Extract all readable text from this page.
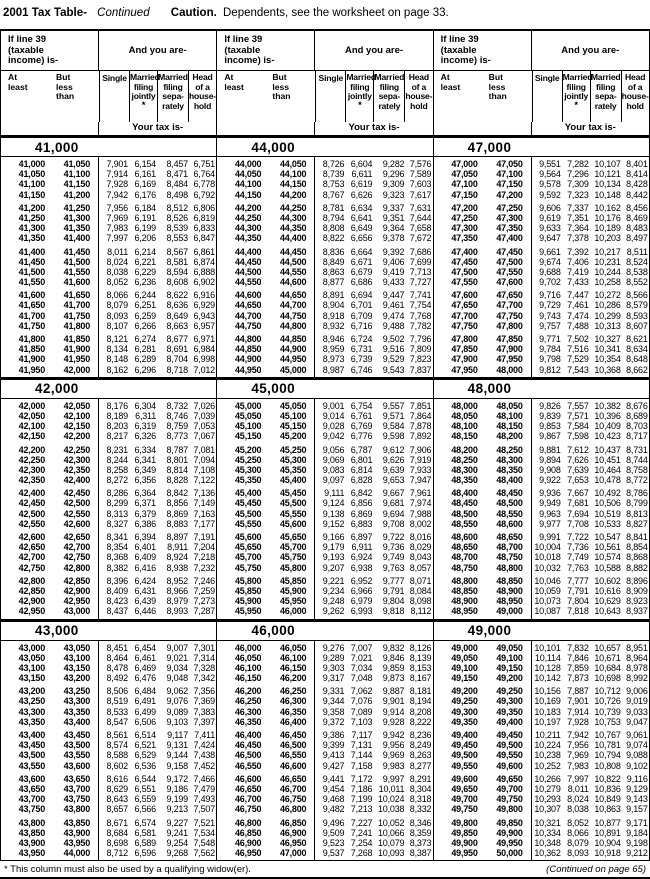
2001 Tax Table- Continued Caution. Dependents, see the worksheet on page 33.
If line 39 (taxable income) is-
And you are-
At least
But less than
Single Married filing jointly
*
Married filing sepa- rately
Head of a house- hold
Your tax is-
41,000
41,000	41,050	7,901 6,154	8,457 6,751
41,050	41,100	7,914 6,161	8,471 6,764
41,100	41,150	7,928 6,169	8,484 6,778
41,150	41,200	7,942 6,176	8,498 6,792
41,200	41,250	7,956 6,184	8,512 6,806
41,250	41,300	7,969 6,191	8,526 6,819
41,300	41,350	7,983 6,199	8,539 6,833
41,350	41,400	7,997 6,206	8,553 6,847
41,400	41,450	8,011 6,214	8,567 6,861
41,450	41,500	8,024 6,221	8,581 6,874
41,500	41,550	8,038 6,229	8,594 6,888
41,550	41,600	8,052 6,236	8,608 6,902
41,600	41,650	8,066 6,244	8,622 6,916
41,650	41,700	8,079 6,251	8,636 6,929
41,700	41,750	8,093 6,259	8,649 6,943
41,750	41,800	8,107 6,266	8,663 6,957
41,800	41,850	8,121 6,274	8,677 6,971
41,850	41,900	8,134 6,281	8,691 6,984
41,900	41,950	8,148 6,289	8,704 6,998
41,950	42,000	8,162 6,296	8,718 7,012
42,000
42,000	42,050	8,176 6,304	8,732 7,026
42,050	42,100	8,189 6,311	8,746 7,039
42,100	42,150	8,203 6,319	8,759 7,053
42,150	42,200	8,217 6,326	8,773 7,067
42,200	42,250	8,231 6,334	8,787 7,081
42,250	42,300	8,244 6,341	8,801 7,094
42,300	42,350	8,258 6,349	8,814 7,108
42,350	42,400	8,272 6,356	8,828 7,122
42,400	42,450	8,286 6,364	8,842 7,136
42,450	42,500	8,299 6,371	8,856 7,149
42,500	42,550	8,313 6,379	8,869 7,163
42,550	42,600	8,327 6,386	8,883 7,177
42,600	42,650	8,341 6,394	8,897 7,191
42,650	42,700	8,354 6,401	8,911 7,204
42,700	42,750	8,368 6,409	8,924 7,218
42,750	42,800	8,382 6,416	8,938 7,232
42,800	42,850	8,396 6,424	8,952 7,246
42,850	42,900	8,409 6,431	8,966 7,259
42,900	42,950	8,423 6,439	8,979 7,273
42,950	43,000	8,437 6,446	8,993 7,287
43,000
43,000	43,050	8,451 6,454	9,007 7,301
43,050	43,100	8,464 6,461	9,021 7,314
43,100	43,150	8,478 6,469	9,034 7,328
43,150	43,200	8,492 6,476	9,048 7,342
43,200	43,250	8,506 6,484	9,062 7,356
43,250	43,300	8,519 6,491	9,076 7,369
43,300	43,350	8,533 6,499	9,089 7,383
43,350	43,400	8,547 6,506	9,103 7,397
43,400	43,450	8,561 6,514	9,117 7,411
43,450	43,500	8,574 6,521	9,131 7,424
43,500	43,550	8,588 6,529	9,144 7,438
43,550	43,600	8,602 6,536	9,158 7,452
43,600	43,650	8,616 6,544	9,172 7,466
43,650	43,700	8,629 6,551	9,186 7,479
43,700	43,750	8,643 6,559	9,199 7,493
43,750	43,800	8,657 6,566	9,213 7,507
43,800	43,850	8,671 6,574	9,227 7,521
43,850	43,900	8,684 6,581	9,241 7,534
43,900	43,950	8,698 6,589	9,254 7,548
43,950	44,000	8,712 6,596	9,268 7,562
If line 39 (taxable income) is-
And you are-
At least
But less than
Single Married filing jointly
*
Married filing sepa- rately
Head of a house- hold
Your tax is-
44,000
44,000	44,050	8,726 6,604	9,282 7,576
44,050	44,100	8,739 6,611	9,296 7,589
44,100	44,150	8,753 6,619	9,309 7,603
44,150	44,200	8,767 6,626	9,323 7,617
44,200	44,250	8,781 6,634	9,337 7,631
44,250	44,300	8,794 6,641	9,351 7,644
44,300	44,350	8,808 6,649	9,364 7,658
44,350	44,400	8,822 6,656	9,378 7,672
44,400	44,450	8,836 6,664	9,392 7,686
44,450	44,500	8,849 6,671	9,406 7,699
44,500	44,550	8,863 6,679	9,419 7,713
44,550	44,600	8,877 6,686	9,433 7,727
44,600	44,650	8,891 6,694	9,447 7,741
44,650	44,700	8,904 6,701	9,461 7,754
44,700	44,750	8,918 6,709	9,474 7,768
44,750	44,800	8,932 6,716	9,488 7,782
44,800	44,850	8,946 6,724	9,502 7,796
44,850	44,900	8,959 6,731	9,516 7,809
44,900	44,950	8,973 6,739	9,529 7,823
44,950	45,000	8,987 6,746	9,543 7,837
45,000
45,000	45,050	9,001 6,754	9,557 7,851
45,050	45,100	9,014 6,761	9,571 7,864
45,100	45,150	9,028 6,769	9,584 7,878
45,150	45,200	9,042 6,776	9,598 7,892
45,200	45,250	9,056 6,787	9,612 7,906
45,250	45,300	9,069 6,801	9,626 7,919
45,300	45,350	9,083 6,814	9,639 7,933
45,350	45,400	9,097 6,828	9,653 7,947
45,400	45,450	9,111 6,842	9,667 7,961
45,450	45,500	9,124 6,856	9,681 7,974
45,500	45,550	9,138 6,869	9,694 7,988
45,550	45,600	9,152 6,883	9,708 8,002
45,600	45,650	9,166 6,897	9,722 8,016
45,650	45,700	9,179 6,911	9,736 8,029
45,700	45,750	9,193 6,924	9,749 8,043
45,750	45,800	9,207 6,938	9,763 8,057
45,800	45,850	9,221 6,952	9,777 8,071
45,850	45,900	9,234 6,966	9,791 8,084
45,900	45,950	9,248 6,979	9,804 8,098
45,950	46,000	9,262 6,993	9,818 8,112
46,000
46,000	46,050	9,276 7,007	9,832 8,126
46,050	46,100	9,289 7,021	9,846 8,139
46,100	46,150	9,303 7,034	9,859 8,153
46,150	46,200	9,317 7,048	9,873 8,167
46,200	46,250	9,331 7,062	9,887 8,181
46,250	46,300	9,344 7,076	9,901 8,194
46,300	46,350	9,358 7,089	9,914 8,208
46,350	46,400	9,372 7,103	9,928 8,222
46,400	46,450	9,386 7,117	9,942 8,236
46,450	46,500	9,399 7,131	9,956 8,249
46,500	46,550	9,413 7,144	9,969 8,263
46,550	46,600	9,427 7,158	9,983 8,277
46,600	46,650	9,441 7,172	9,997 8,291
46,650	46,700	9,454 7,186 10,011 8,304
46,700	46,750	9,468 7,199 10,024 8,318
46,750	46,800	9,482 7,213 10,038 8,332
46,800	46,850	9,496 7,227 10,052 8,346
46,850	46,900	9,509 7,241 10,066 8,359
46,900	46,950	9,523 7,254 10,079 8,373
46,950	47,000	9,537 7,268 10,093 8,387
If line 39 (taxable income) is-
And you are-
At least
But less than
Single Married filing jointly
*
Married filing sepa- rately
Head of a house- hold
Your tax is-
47,000
47,000	47,050	9,551 7,282 10,107 8,401
47,050	47,100	9,564 7,296 10,121 8,414
47,100	47,150	9,578 7,309 10,134 8,428
47,150	47,200	9,592 7,323 10,148 8,442
47,200	47,250	9,606 7,337 10,162 8,456
47,250	47,300	9,619 7,351 10,176 8,469
47,300	47,350	9,633 7,364 10,189 8,483
47,350	47,400	9,647 7,378 10,203 8,497
47,400	47,450	9,661 7,392 10,217 8,511
47,450	47,500	9,674 7,406 10,231 8,524
47,500	47,550	9,688 7,419 10,244 8,538
47,550	47,600	9,702 7,433 10,258 8,552
47,600	47,650	9,716 7,447 10,272 8,566
47,650	47,700	9,729 7,461 10,286 8,579
47,700	47,750	9,743 7,474 10,299 8,593
47,750	47,800	9,757 7,488 10,313 8,607
47,800	47,850	9,771 7,502 10,327 8,621
47,850	47,900	9,784 7,516 10,341 8,634
47,900	47,950	9,798 7,529 10,354 8,648
47,950	48,000	9,812 7,543 10,368 8,662
48,000
48,000	48,050	9,826 7,557 10,382 8,676
48,050	48,100	9,839 7,571 10,396 8,689
48,100	48,150	9,853 7,584 10,409 8,703
48,150	48,200	9,867 7,598 10,423 8,717
48,200	48,250	9,881 7,612 10,437 8,731
48,250	48,300	9,894 7,626 10,451 8,744
48,300	48,350	9,908 7,639 10,464 8,758
48,350	48,400	9,922 7,653 10,478 8,772
48,400	48,450	9,936 7,667 10,492 8,786
48,450	48,500	9,949 7,681 10,506 8,799
48,500	48,550	9,963 7,694 10,519 8,813
48,550	48,600	9,977 7,708 10,533 8,827
48,600	48,650	9,991 7,722 10,547 8,841
48,650	48,700	10,004 7,736 10,561 8,854
48,700	48,750	10,018 7,749 10,574 8,868
48,750	48,800	10,032 7,763 10,588 8,882
48,800	48,850	10,046 7,777 10,602 8,896
48,850	48,900	10,059 7,791 10,616 8,909
48,900	48,950	10,073 7,804 10,629 8,923
48,950	49,000	10,087 7,818 10,643 8,937
49,000
49,000	49,050	10,101 7,832 10,657 8,951
49,050	49,100	10,114 7,846 10,671 8,964
49,100	49,150	10,128 7,859 10,684 8,978
49,150	49,200	10,142 7,873 10,698 8,992
49,200	49,250	10,156 7,887 10,712 9,006
49,250	49,300	10,169 7,901 10,726 9,019
49,300	49,350	10,183 7,914 10,739 9,033
49,350	49,400	10,197 7,928 10,753 9,047
49,400	49,450	10,211 7,942 10,767 9,061
49,450	49,500	10,224 7,956 10,781 9,074
49,500	49,550	10,238 7,969 10,794 9,088
49,550	49,600	10,252 7,983 10,808 9,102
49,600	49,650	10,266 7,997 10,822 9,116
49,650	49,700	10,279 8,011 10,836 9,129
49,700	49,750	10,293 8,024 10,849 9,143
49,750	49,800	10,307 8,038 10,863 9,157
49,800	49,850	10,321 8,052 10,877 9,171
49,850	49,900	10,334 8,066 10,891 9,184
49,900	49,950	10,348 8,079 10,904 9,198
49,950	50,000	10,362 8,093 10,918 9,212
* This column must also be used by a qualifying widow(er).	(Continued on page 65)
